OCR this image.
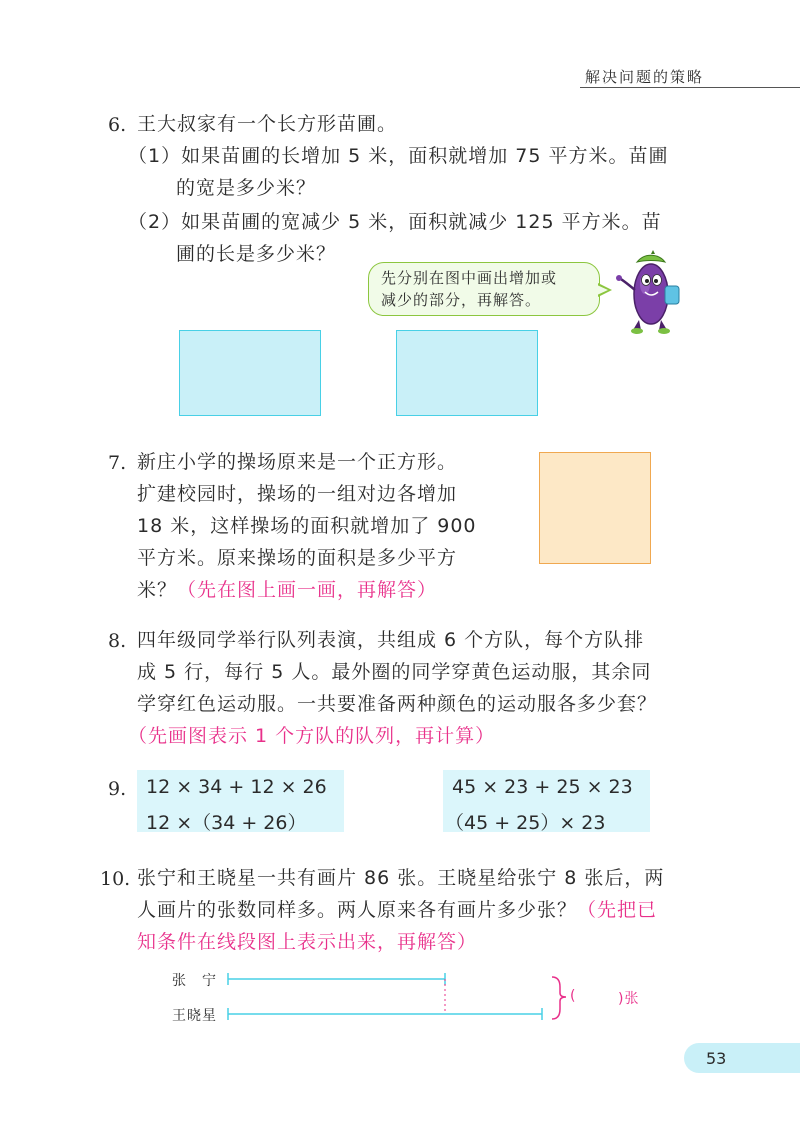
解决问题的策略
6. 王大叔家有一个长方形苗圃。
（1）如果苗圃的长增加 5 米，面积就增加 75 平方米。苗圃
的宽是多少米？
（2）如果苗圃的宽减少 5 米，面积就减少 125 平方米。苗
圃的长是多少米？
先分别在图中画出增加或
减少的部分，再解答。
7. 新庄小学的操场原来是一个正方形。
扩建校园时，操场的一组对边各增加
18 米，这样操场的面积就增加了 900
平方米。原来操场的面积是多少平方
米？（先在图上画一画，再解答）
8. 四年级同学举行队列表演，共组成 6 个方队，每个方队排
成 5 行，每行 5 人。最外圈的同学穿黄色运动服，其余同
学穿红色运动服。一共要准备两种颜色的运动服各多少套？
（先画图表示 1 个方队的队列，再计算）
9. 12 × 34 + 12 × 26
12 ×（34 + 26）
45 × 23 + 25 × 23
（45 + 25）× 23
10. 张宁和王晓星一共有画片 86 张。王晓星给张宁 8 张后，两
人画片的张数同样多。两人原来各有画片多少张？（先把已
知条件在线段图上表示出来，再解答）
张　宁
王晓星
(	)张
53
